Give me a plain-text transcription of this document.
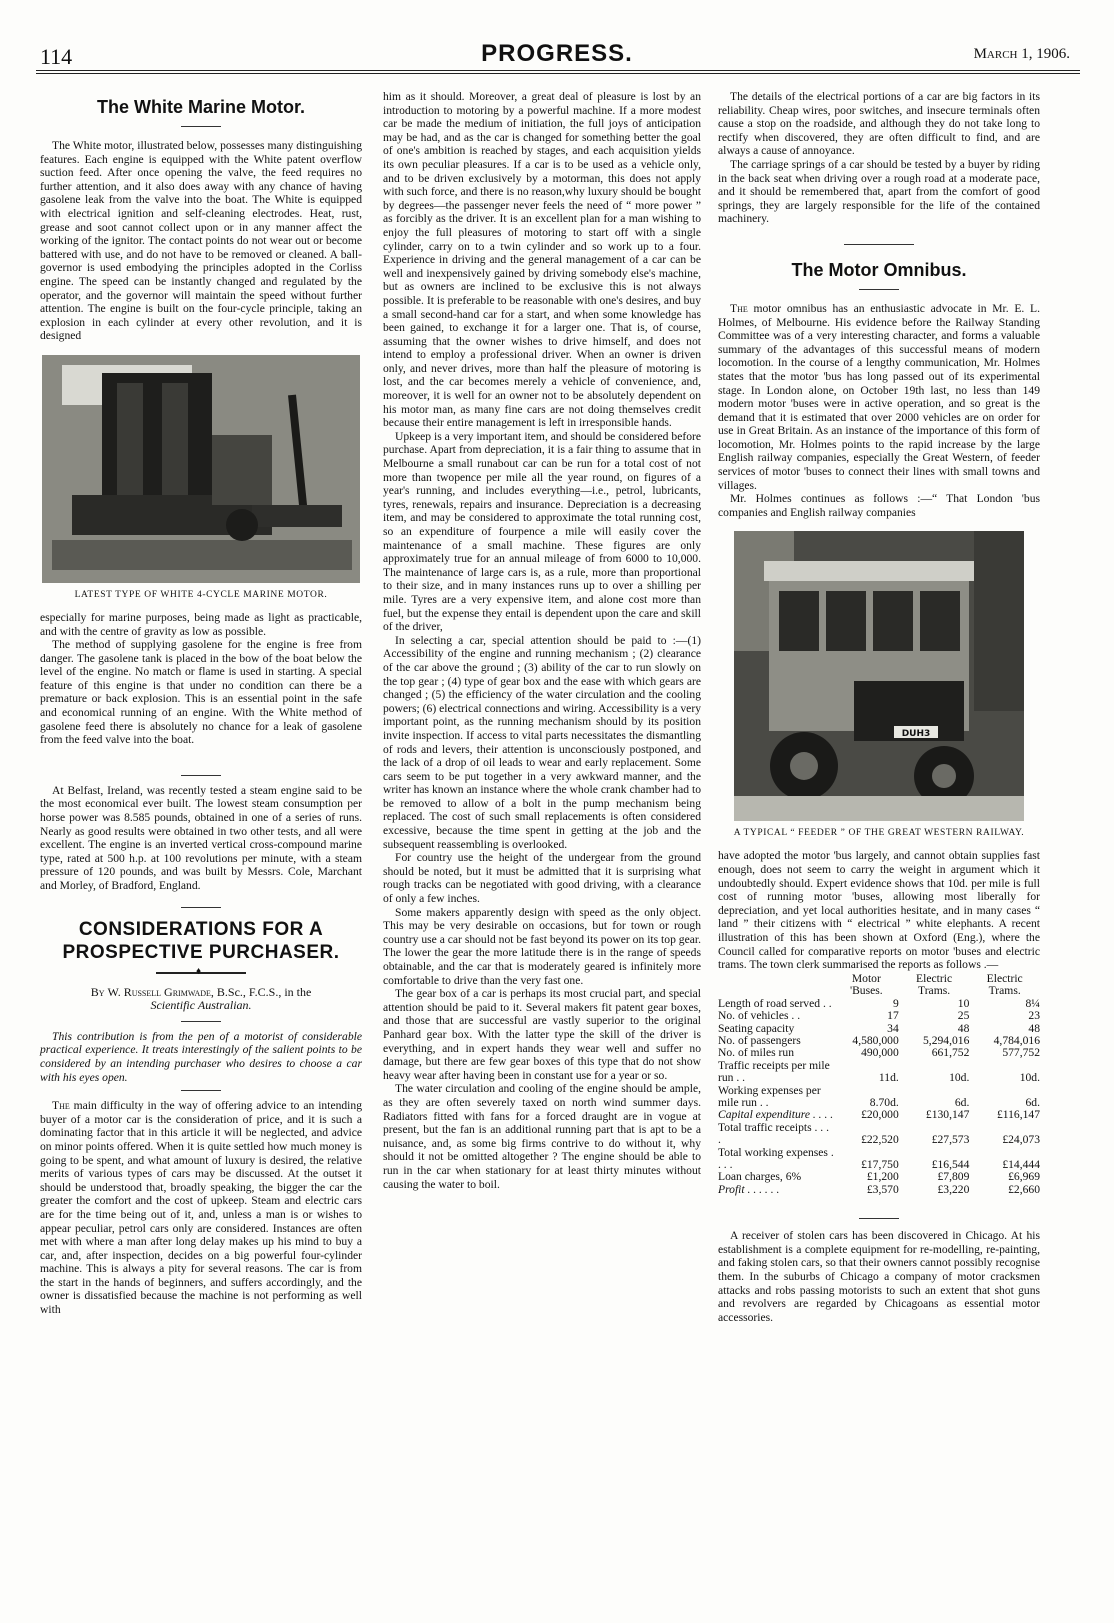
114	PROGRESS.	March 1, 1906.
The White Marine Motor.

The White motor, illustrated below, possesses many distinguishing features. Each engine is equipped with the White patent overflow suction feed. After once opening the valve, the feed requires no further attention, and it also does away with any chance of having gasolene leak from the valve into the boat. The White is equipped with electrical ignition and self-cleaning electrodes. Heat, rust, grease and soot cannot collect upon or in any manner affect the working of the ignitor. The contact points do not wear out or become battered with use, and do not have to be removed or cleaned. A ball-governor is used embodying the principles adopted in the Corliss engine. The speed can be instantly changed and regulated by the operator, and the governor will maintain the speed without further attention. The engine is built on the four-cycle principle, taking an explosion in each cylinder at every other revolution, and it is designed

LATEST TYPE OF WHITE 4-CYCLE MARINE MOTOR.

especially for marine purposes, being made as light as practicable, and with the centre of gravity as low as possible.

The method of supplying gasolene for the engine is free from danger. The gasolene tank is placed in the bow of the boat below the level of the engine. No match or flame is used in starting. A special feature of this engine is that under no condition can there be a premature or back explosion. This is an essential point in the safe and economical running of an engine. With the White method of gasolene feed there is absolutely no chance for a leak of gasolene from the feed valve into the boat.

At Belfast, Ireland, was recently tested a steam engine said to be the most economical ever built. The lowest steam consumption per horse power was 8.585 pounds, obtained in one of a series of runs. Nearly as good results were obtained in two other tests, and all were excellent. The engine is an inverted vertical cross-compound marine type, rated at 500 h.p. at 100 revolutions per minute, with a steam pressure of 120 pounds, and was built by Messrs. Cole, Marchant and Morley, of Bradford, England.

CONSIDERATIONS FOR A PROSPECTIVE PURCHASER.
♦

By W. Russell Grimwade, B.Sc., F.C.S., in the
Scientific Australian.

This contribution is from the pen of a motorist of considerable practical experience. It treats interestingly of the salient points to be considered by an intending purchaser who desires to choose a car with his eyes open.

The main difficulty in the way of offering advice to an intending buyer of a motor car is the consideration of price, and it is such a dominating factor that in this article it will be neglected, and advice on minor points offered. When it is quite settled how much money is going to be spent, and what amount of luxury is desired, the relative merits of various types of cars may be discussed. At the outset it should be understood that, broadly speaking, the bigger the car the greater the comfort and the cost of upkeep. Steam and electric cars are for the time being out of it, and, unless a man is or wishes to appear peculiar, petrol cars only are considered. Instances are often met with where a man after long delay makes up his mind to buy a car, and, after inspection, decides on a big powerful four-cylinder machine. This is always a pity for several reasons. The car is from the start in the hands of beginners, and suffers accordingly, and the owner is dissatisfied because the machine is not performing as well with

him as it should. Moreover, a great deal of pleasure is lost by an introduction to motoring by a powerful machine. If a more modest car be made the medium of initiation, the full joys of anticipation may be had, and as the car is changed for something better the goal of one's ambition is reached by stages, and each acquisition yields its own peculiar pleasures. If a car is to be used as a vehicle only, and to be driven exclusively by a motorman, this does not apply with such force, and there is no reason,why luxury should be bought by degrees—the passenger never feels the need of “ more power ” as forcibly as the driver. It is an excellent plan for a man wishing to enjoy the full pleasures of motoring to start off with a single cylinder, carry on to a twin cylinder and so work up to a four. Experience in driving and the general management of a car can be well and inexpensively gained by driving somebody else's machine, but as owners are inclined to be exclusive this is not always possible. It is preferable to be reasonable with one's desires, and buy a small second-hand car for a start, and when some knowledge has been gained, to exchange it for a larger one. That is, of course, assuming that the owner wishes to drive himself, and does not intend to employ a professional driver. When an owner is driven only, and never drives, more than half the pleasure of motoring is lost, and the car becomes merely a vehicle of convenience, and, moreover, it is well for an owner not to be absolutely dependent on his motor man, as many fine cars are not doing themselves credit because their entire management is left in irresponsible hands.

Upkeep is a very important item, and should be considered before purchase. Apart from depreciation, it is a fair thing to assume that in Melbourne a small runabout car can be run for a total cost of not more than twopence per mile all the year round, on figures of a year's running, and includes everything—i.e., petrol, lubricants, tyres, renewals, repairs and insurance. Depreciation is a decreasing item, and may be considered to approximate the total running cost, so an expenditure of fourpence a mile will easily cover the maintenance of a small machine. These figures are only approximately true for an annual mileage of from 6000 to 10,000. The maintenance of large cars is, as a rule, more than proportional to their size, and in many instances runs up to over a shilling per mile. Tyres are a very expensive item, and alone cost more than fuel, but the expense they entail is dependent upon the care and skill of the driver,

In selecting a car, special attention should be paid to :—(1) Accessibility of the engine and running mechanism ; (2) clearance of the car above the ground ; (3) ability of the car to run slowly on the top gear ; (4) type of gear box and the ease with which gears are changed ; (5) the efficiency of the water circulation and the cooling powers; (6) electrical connections and wiring. Accessibility is a very important point, as the running mechanism should by its position invite inspection. If access to vital parts necessitates the dismantling of rods and levers, their attention is unconsciously postponed, and the lack of a drop of oil leads to wear and early replacement. Some cars seem to be put together in a very awkward manner, and the writer has known an instance where the whole crank chamber had to be removed to allow of a bolt in the pump mechanism being replaced. The cost of such small replacements is often considered excessive, because the time spent in getting at the job and the subsequent reassembling is overlooked.

For country use the height of the undergear from the ground should be noted, but it must be admitted that it is surprising what rough tracks can be negotiated with good driving, with a clearance of only a few inches.

Some makers apparently design with speed as the only object. This may be very desirable on occasions, but for town or rough country use a car should not be fast beyond its power on its top gear. The lower the gear the more latitude there is in the range of speeds obtainable, and the car that is moderately geared is infinitely more comfortable to drive than the very fast one.

The gear box of a car is perhaps its most crucial part, and special attention should be paid to it. Several makers fit patent gear boxes, and those that are successful are vastly superior to the original Panhard gear box. With the latter type the skill of the driver is everything, and in expert hands they wear well and suffer no damage, but there are few gear boxes of this type that do not show heavy wear after having been in constant use for a year or so.

The water circulation and cooling of the engine should be ample, as they are often severely taxed on north wind summer days. Radiators fitted with fans for a forced draught are in vogue at present, but the fan is an additional running part that is apt to be a nuisance, and, as some big firms contrive to do without it, why should it not be omitted altogether ? The engine should be able to run in the car when stationary for at least thirty minutes without causing the water to boil.

The details of the electrical portions of a car are big factors in its reliability. Cheap wires, poor switches, and insecure terminals often cause a stop on the roadside, and although they do not take long to rectify when discovered, they are often difficult to find, and are always a cause of annoyance.

The carriage springs of a car should be tested by a buyer by riding in the back seat when driving over a rough road at a moderate pace, and it should be remembered that, apart from the comfort of good springs, they are largely responsible for the life of the contained machinery.

The Motor Omnibus.

The motor omnibus has an enthusiastic advocate in Mr. E. L. Holmes, of Melbourne. His evidence before the Railway Standing Committee was of a very interesting character, and forms a valuable summary of the advantages of this successful means of modern locomotion. In the course of a lengthy communication, Mr. Holmes states that the motor 'bus has long passed out of its experimental stage. In London alone, on October 19th last, no less than 149 modern motor 'buses were in active operation, and so great is the demand that it is estimated that over 2000 vehicles are on order for use in Great Britain. As an instance of the importance of this form of locomotion, Mr. Holmes points to the rapid increase by the large English railway companies, especially the Great Western, of feeder services of motor 'buses to connect their lines with small towns and villages.

Mr. Holmes continues as follows :—“ That London 'bus companies and English railway companies

DUH3

A TYPICAL “ FEEDER ” OF THE GREAT WESTERN RAILWAY.

have adopted the motor 'bus largely, and cannot obtain supplies fast enough, does not seem to carry the weight in argument which it undoubtedly should. Expert evidence shows that 10d. per mile is full cost of running motor 'buses, allowing most liberally for depreciation, and yet local authorities hesitate, and in many cases “ land ” their citizens with “ electrical ” white elephants. A recent illustration of this has been shown at Oxford (Eng.), where the Council called for comparative reports on motor 'buses and electric trams. The town clerk summarised the reports as follows .—

	Motor 'Buses.	Electric Trams.	Electric Trams.
Length of road served . .	9	10	8¼
No. of vehicles . .	17	25	23
Seating capacity	34	48	48
No. of passengers	4,580,000	5,294,016	4,784,016
No. of miles run	490,000	661,752	577,752
Traffic receipts per mile run . .	11d.	10d.	10d.
Working expenses per mile run . .	8.70d.	6d.	6d.
Capital expenditure . . . .	£20,000	£130,147	£116,147
Total traffic receipts . . . .	£22,520	£27,573	£24,073
Total working expenses . . . .	£17,750	£16,544	£14,444
Loan charges, 6%	£1,200	£7,809	£6,969
Profit . . . . . .	£3,570	£3,220	£2,660

A receiver of stolen cars has been discovered in Chicago. At his establishment is a complete equipment for re-modelling, re-painting, and faking stolen cars, so that their owners cannot possibly recognise them. In the suburbs of Chicago a company of motor cracksmen attacks and robs passing motorists to such an extent that shot guns and revolvers are regarded by Chicagoans as essential motor accessories.
